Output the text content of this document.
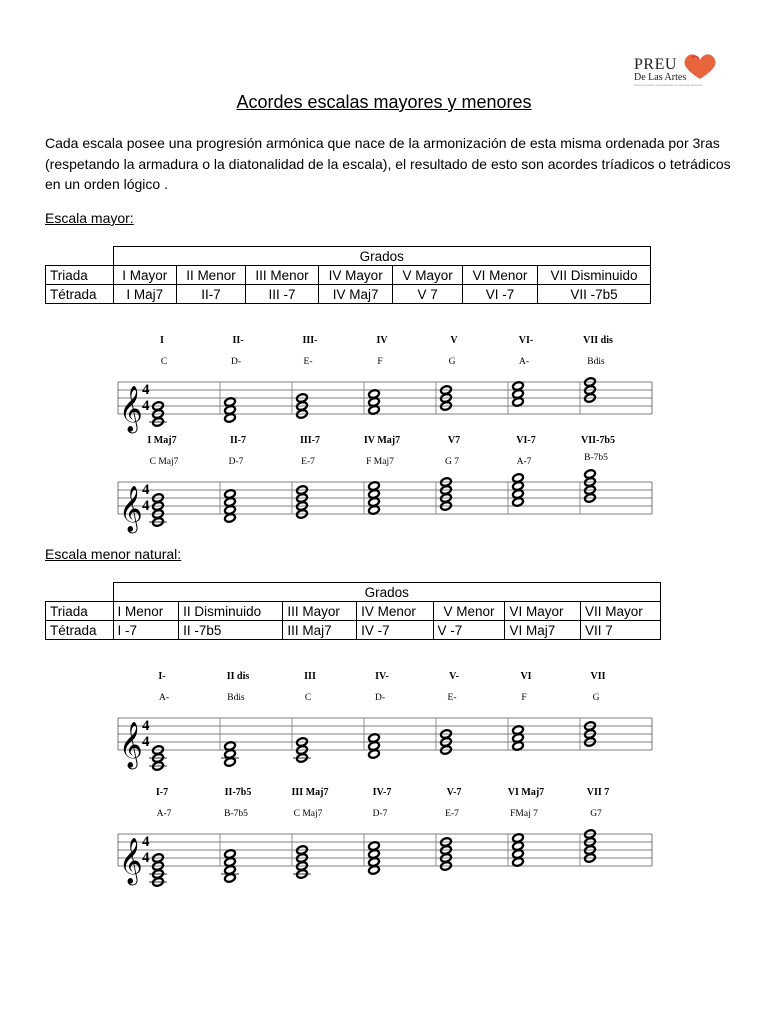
PREU
De Las Artes
Preuniversitario especializado en carreras artísticas
Acordes escalas mayores y menores
Cada escala posee una progresión armónica que nace de la armonización de esta misma ordenada por 3ras (respetando la armadura o la diatonalidad de la escala), el resultado de esto son acordes tríadicos o tetrádicos en un orden lógico .
Escala mayor:
	Grados						
Triada	I Mayor	II Menor	III Menor	IV Mayor	V Mayor	VI Menor	VII Disminuido
Tétrada	I Maj7	II-7	III -7	IV Maj7	V 7	VI -7	VII -7b5
Escala menor natural:
	Grados						
Triada	I Menor	II Disminuido	III Mayor	IV Menor	V Menor	VI Mayor	VII Mayor
Tétrada	I -7	II -7b5	III Maj7	IV -7	V -7	VI Maj7	VII 7
𝄞 4
4
I
C
II-
D-
III-
E-
IV
F
V
G
VI-
A-
VII dis
Bdis
𝄞 4
4
I Maj7
C Maj7
II-7
D-7
III-7
E-7
IV Maj7
F Maj7
V7
G 7
VI-7
A-7
VII-7b5
B-7b5
𝄞 4
4
I-
A-
II dis
Bdis
III
C
IV-
D-
V-
E-
VI
F
VII
G
𝄞 4
4
I-7
A-7
II-7b5
B-7b5
III Maj7
C Maj7
IV-7
D-7
V-7
E-7
VI Maj7
FMaj 7
VII 7
G7
